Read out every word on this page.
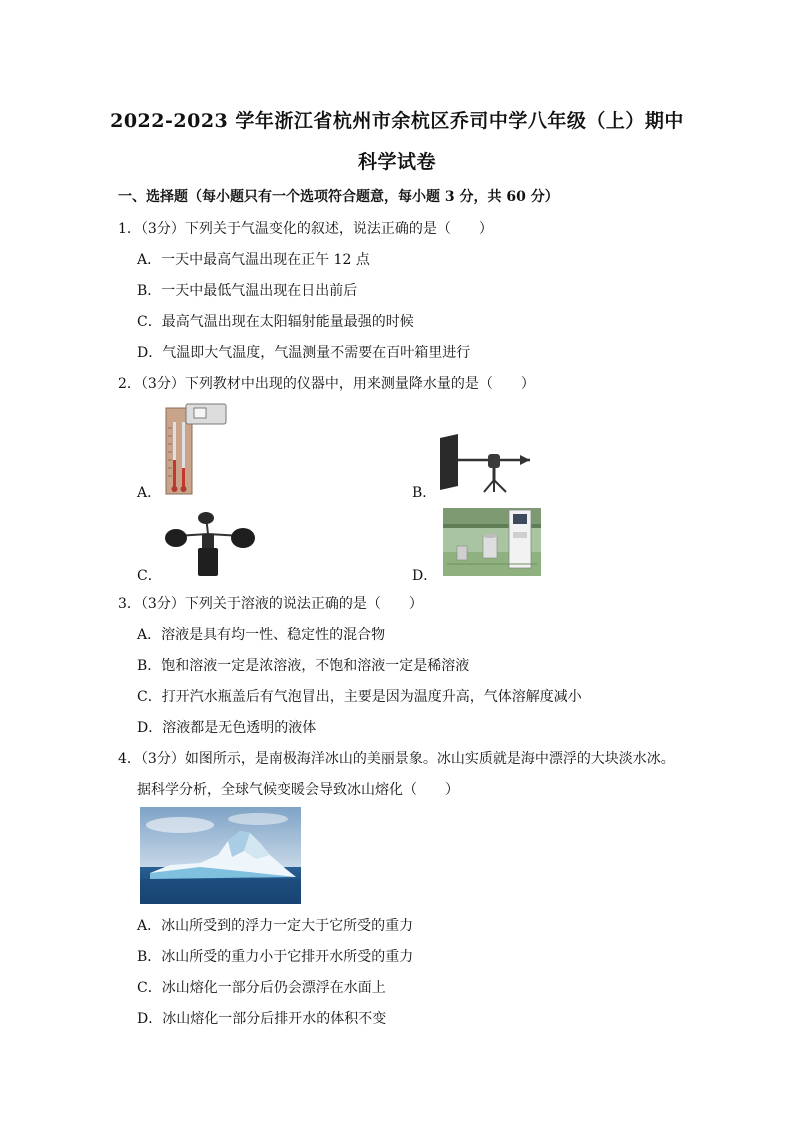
2022-2023 学年浙江省杭州市余杭区乔司中学八年级（上）期中
科学试卷
一、选择题（每小题只有一个选项符合题意，每小题 3 分，共 60 分）
1．（3分）下列关于气温变化的叙述，说法正确的是（　　）
A．一天中最高气温出现在正午 12 点
B．一天中最低气温出现在日出前后
C．最高气温出现在太阳辐射能量最强的时候
D．气温即大气温度，气温测量不需要在百叶箱里进行
2．（3分）下列教材中出现的仪器中，用来测量降水量的是（　　）
A．	B．
C．	D．
3．（3分）下列关于溶液的说法正确的是（　　）
A．溶液是具有均一性、稳定性的混合物
B．饱和溶液一定是浓溶液，不饱和溶液一定是稀溶液
C．打开汽水瓶盖后有气泡冒出，主要是因为温度升高，气体溶解度减小
D．溶液都是无色透明的液体
4．（3分）如图所示，是南极海洋冰山的美丽景象。冰山实质就是海中漂浮的大块淡水冰。
据科学分析，全球气候变暖会导致冰山熔化（　　）
A．冰山所受到的浮力一定大于它所受的重力
B．冰山所受的重力小于它排开水所受的重力
C．冰山熔化一部分后仍会漂浮在水面上
D．冰山熔化一部分后排开水的体积不变
